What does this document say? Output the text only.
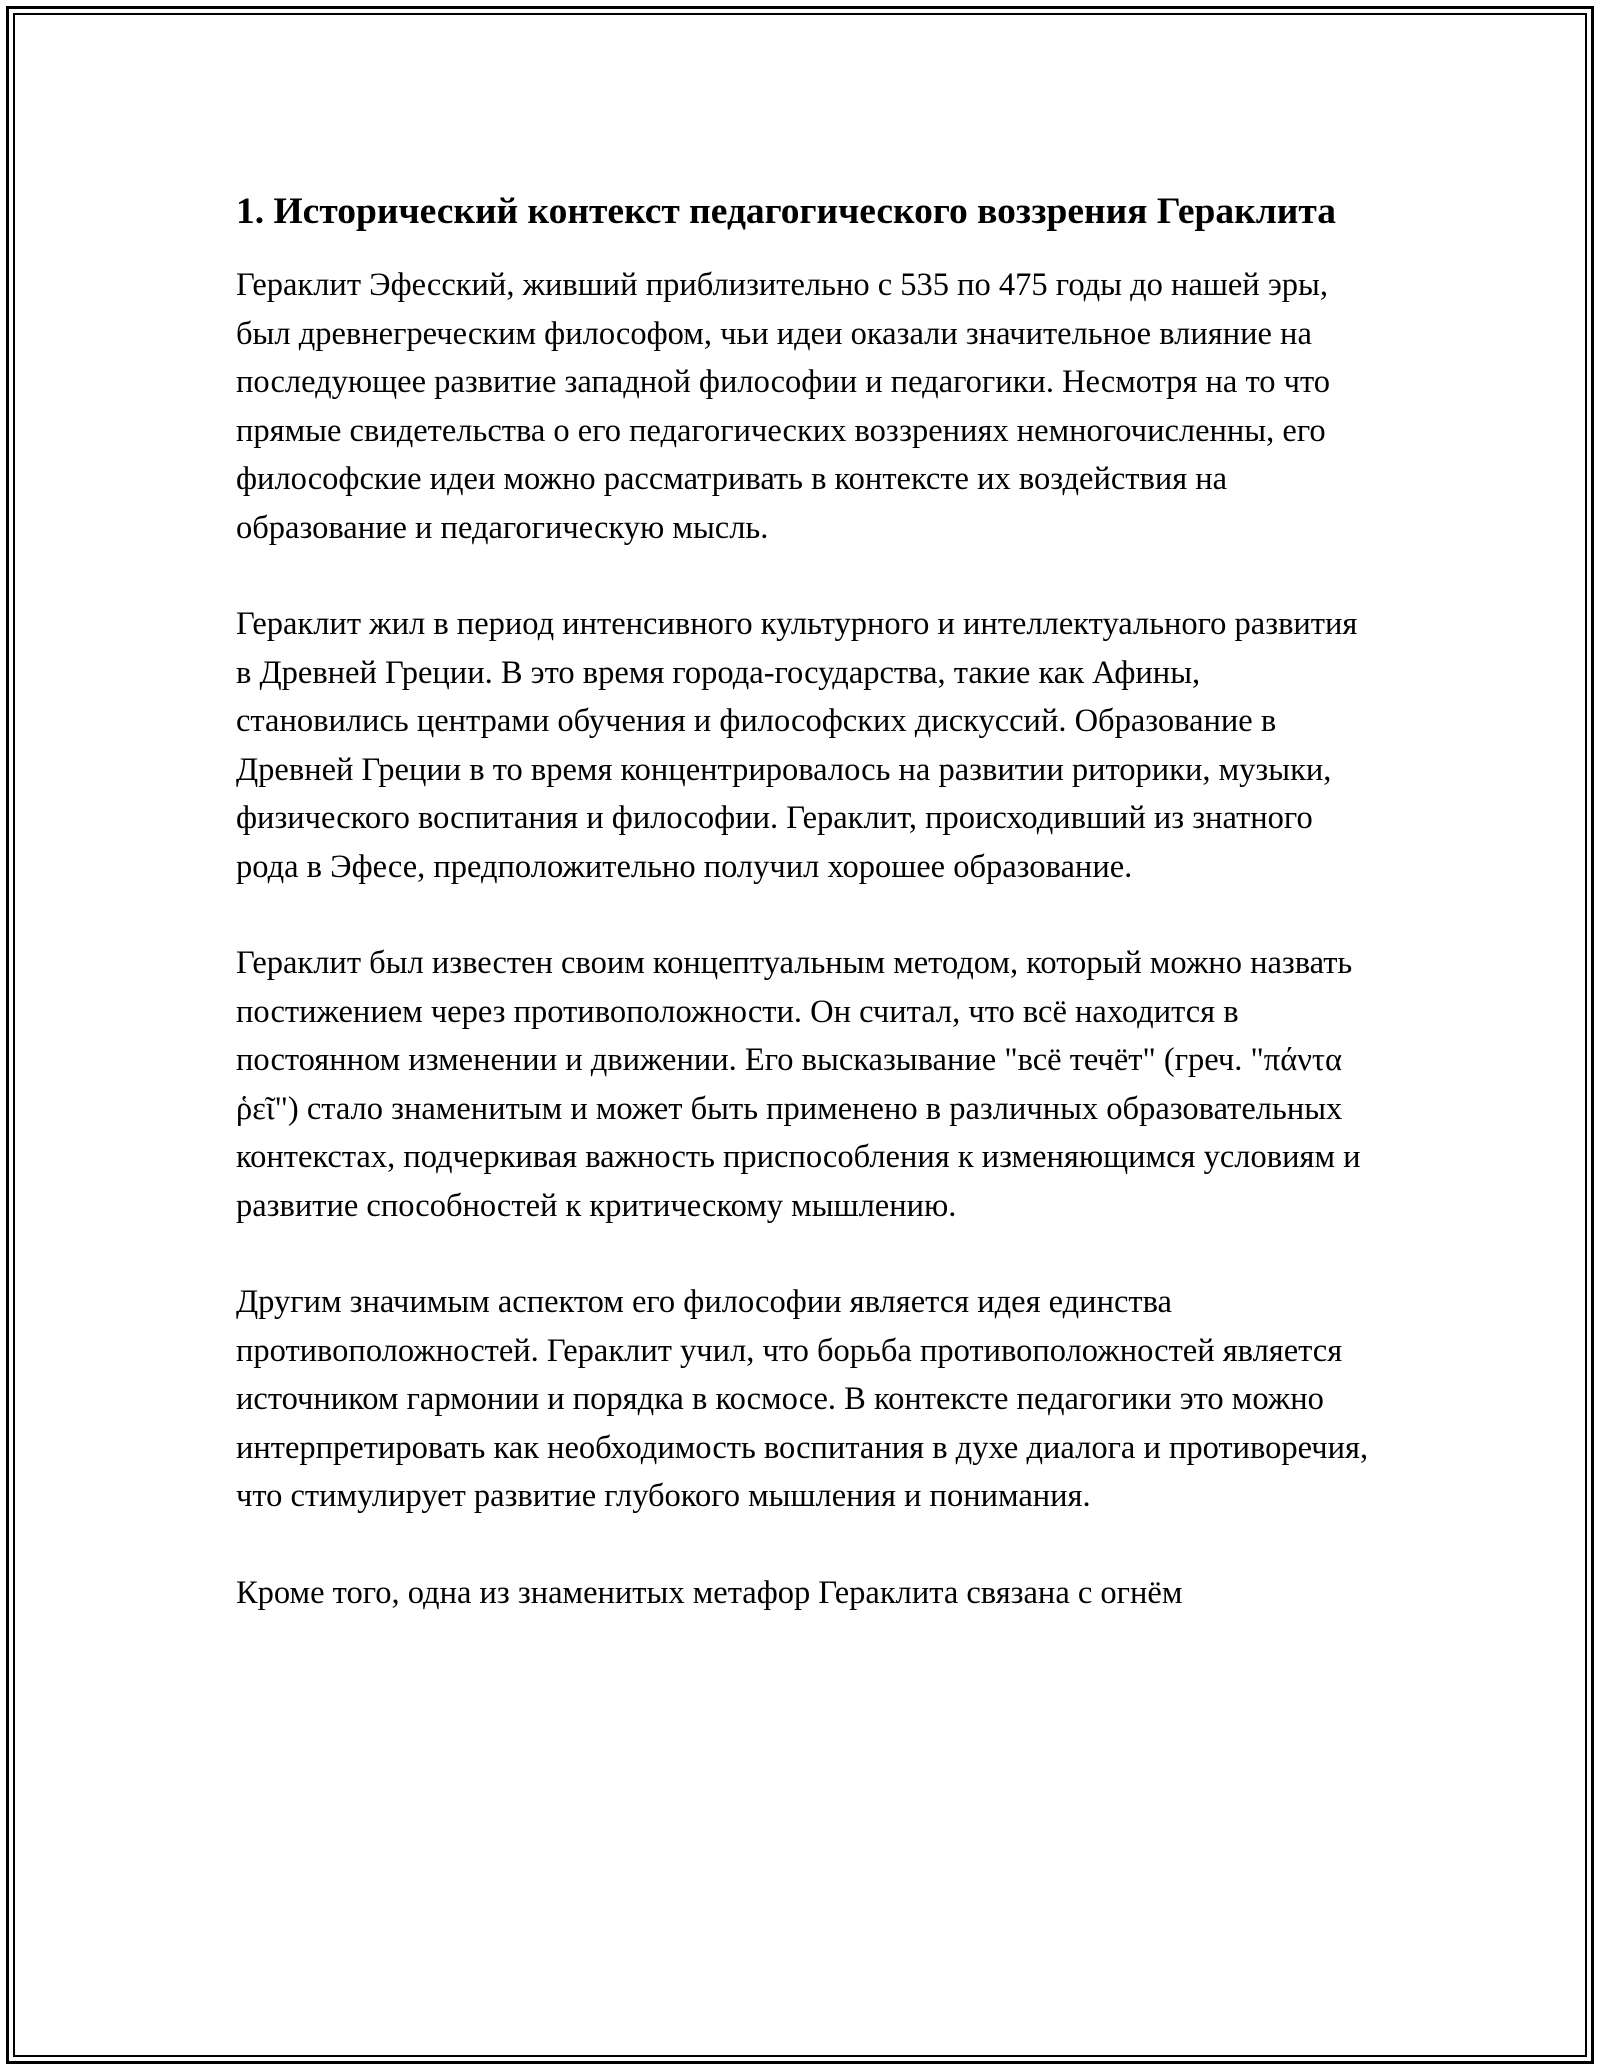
1. Исторический контекст педагогического воззрения Гераклита

Гераклит Эфесский, живший приблизительно с 535 по 475 годы до нашей эры, был древнегреческим философом, чьи идеи оказали значительное влияние на последующее развитие западной философии и педагогики. Несмотря на то что прямые свидетельства о его педагогических воззрениях немногочисленны, его философские идеи можно рассматривать в контексте их воздействия на образование и педагогическую мысль.

Гераклит жил в период интенсивного культурного и интеллектуального развития в Древней Греции. В это время города-государства, такие как Афины, становились центрами обучения и философских дискуссий. Образование в Древней Греции в то время концентрировалось на развитии риторики, музыки, физического воспитания и философии. Гераклит, происходивший из знатного рода в Эфесе, предположительно получил хорошее образование.

Гераклит был известен своим концептуальным методом, который можно назвать постижением через противоположности. Он считал, что всё находится в постоянном изменении и движении. Его высказывание "всё течёт" (греч. "πάντα ῥεῖ") стало знаменитым и может быть применено в различных образовательных контекстах, подчеркивая важность приспособления к изменяющимся условиям и развитие способностей к критическому мышлению.

Другим значимым аспектом его философии является идея единства противоположностей. Гераклит учил, что борьба противоположностей является источником гармонии и порядка в космосе. В контексте педагогики это можно интерпретировать как необходимость воспитания в духе диалога и противоречия, что стимулирует развитие глубокого мышления и понимания.

Кроме того, одна из знаменитых метафор Гераклита связана с огнём
